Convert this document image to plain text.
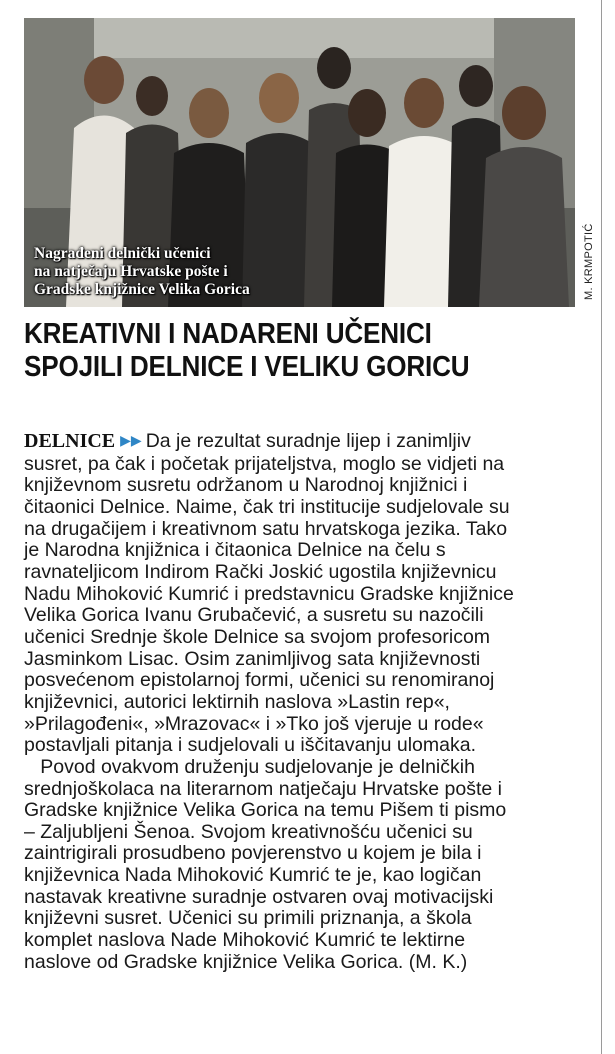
Nagrađeni delnički učenici
na natječaju Hrvatske pošte i
Gradske knjižnice Velika Gorica	M. KRMPOTIĆ
KREATIVNI I NADARENI UČENICI
SPOJILI DELNICE I VELIKU GORICU
DELNICE ▶▶ Da je rezultat suradnje lijep i zanimljiv
susret, pa čak i početak prijateljstva, moglo se vidjeti na
književnom susretu održanom u Narodnoj knjižnici i
čitaonici Delnice. Naime, čak tri institucije sudjelovale su
na drugačijem i kreativnom satu hrvatskoga jezika. Tako
je Narodna knjižnica i čitaonica Delnice na čelu s
ravnateljicom Indirom Rački Joskić ugostila književnicu
Nadu Mihoković Kumrić i predstavnicu Gradske knjižnice
Velika Gorica Ivanu Grubačević, a susretu su nazočili
učenici Srednje škole Delnice sa svojom profesoricom
Jasminkom Lisac. Osim zanimljivog sata književnosti
posvećenom epistolarnoj formi, učenici su renomiranoj
književnici, autorici lektirnih naslova »Lastin rep«,
»Prilagođeni«, »Mrazovac« i »Tko još vjeruje u rode«
postavljali pitanja i sudjelovali u iščitavanju ulomaka.
Povod ovakvom druženju sudjelovanje je delničkih
srednjoškolaca na literarnom natječaju Hrvatske pošte i
Gradske knjižnice Velika Gorica na temu Pišem ti pismo
– Zaljubljeni Šenoa. Svojom kreativnošću učenici su
zaintrigirali prosudbeno povjerenstvo u kojem je bila i
književnica Nada Mihoković Kumrić te je, kao logičan
nastavak kreativne suradnje ostvaren ovaj motivacijski
književni susret. Učenici su primili priznanja, a škola
komplet naslova Nade Mihoković Kumrić te lektirne
naslove od Gradske knjižnice Velika Gorica. (M. K.)
